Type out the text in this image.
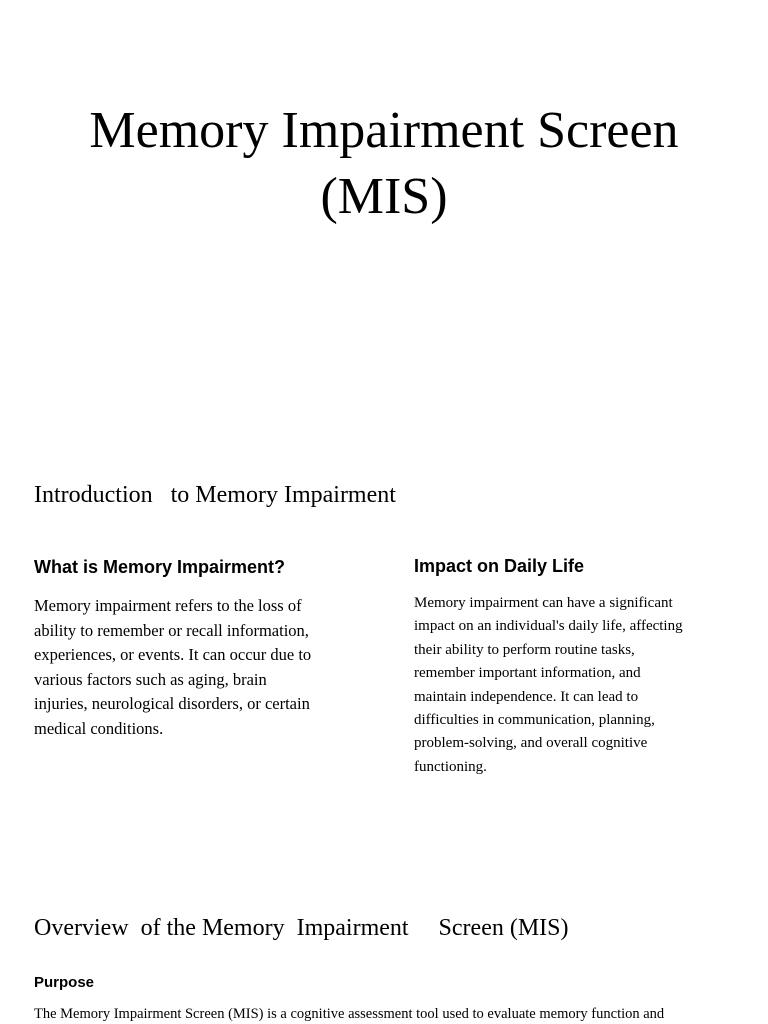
Memory Impairment Screen
(MIS)
Introduction   to Memory Impairment
What is Memory Impairment?

Memory impairment refers to the loss of
ability to remember or recall information,
experiences, or events. It can occur due to
various factors such as aging, brain
injuries, neurological disorders, or certain
medical conditions.

Impact on Daily Life

Memory impairment can have a significant
impact on an individual's daily life, affecting
their ability to perform routine tasks,
remember important information, and
maintain independence. It can lead to
difficulties in communication, planning,
problem-solving, and overall cognitive
functioning.

Overview  of the Memory  Impairment     Screen (MIS)
Purpose

The Memory Impairment Screen (MIS) is a cognitive assessment tool used to evaluate memory function and
